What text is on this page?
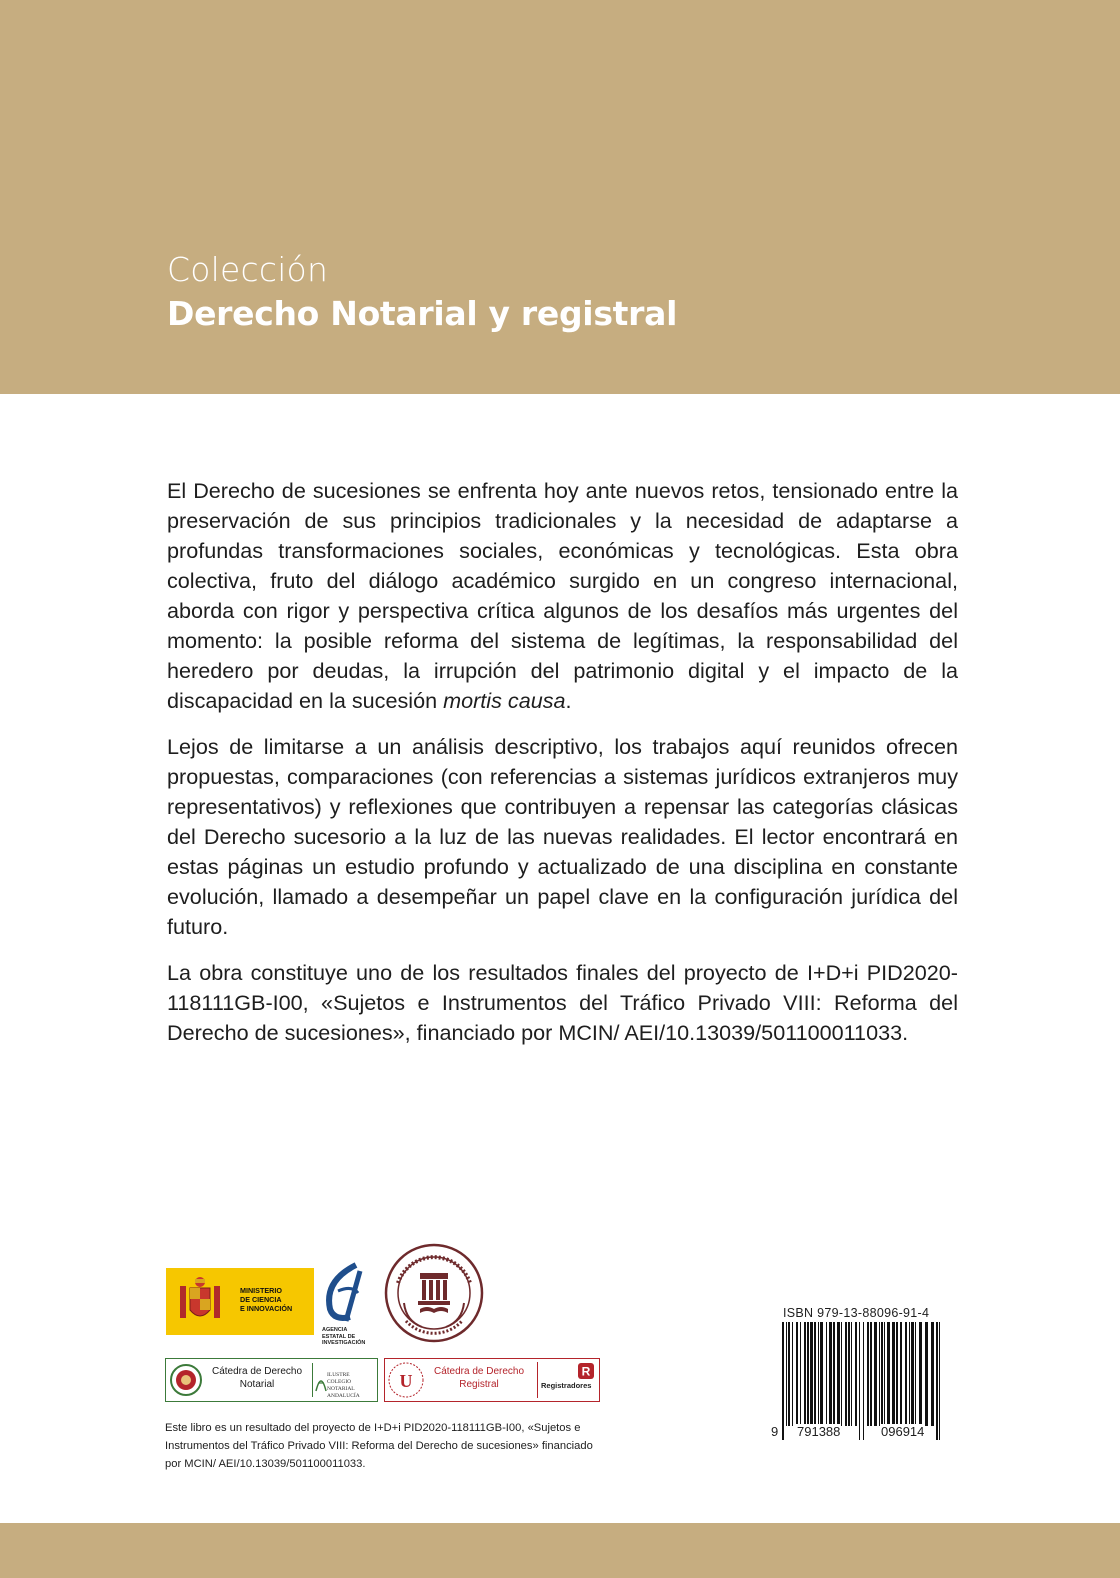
Colección
Derecho Notarial y registral

El Derecho de sucesiones se enfrenta hoy ante nuevos retos, tensionado entre la preservación de sus principios tradicionales y la necesidad de adaptarse a profundas transformaciones sociales, económicas y tecnológicas. Esta obra colectiva, fruto del diálogo académico surgido en un congreso internacional, aborda con rigor y perspectiva crítica algunos de los desafíos más urgentes del momento: la posible reforma del sistema de legítimas, la responsabilidad del heredero por deudas, la irrupción del patrimonio digital y el impacto de la discapacidad en la sucesión mortis causa.

Lejos de limitarse a un análisis descriptivo, los trabajos aquí reunidos ofrecen propuestas, comparaciones (con referencias a sistemas jurídicos extranjeros muy representativos) y reflexiones que contribuyen a repensar las categorías clásicas del Derecho sucesorio a la luz de las nuevas realidades. El lector encontrará en estas páginas un estudio profundo y actualizado de una disciplina en constante evolución, llamado a desempeñar un papel clave en la configuración jurídica del futuro.

La obra constituye uno de los resultados finales del proyecto de I+D+i PID2020- 118111GB-I00, «Sujetos e Instrumentos del Tráfico Privado VIII: Reforma del Derecho de sucesiones», financiado por MCIN/ AEI/10.13039/501100011033.

MINISTERIO
DE CIENCIA
E INNOVACIÓN
AGENCIA
ESTATAL DE
INVESTIGACIÓN
Cátedra de Derecho
Notarial
ILUSTRE
COLEGIO NOTARIAL
ANDALUCÍA
U	Cátedra de Derecho
Registral
R
Registradores

Este libro es un resultado del proyecto de I+D+i PID2020-118111GB-I00, «Sujetos e Instrumentos del Tráfico Privado VIII: Reforma del Derecho de sucesiones» financiado por MCIN/ AEI/10.13039/501100011033.

ISBN 979-13-88096-91-4

9 791388	096914
